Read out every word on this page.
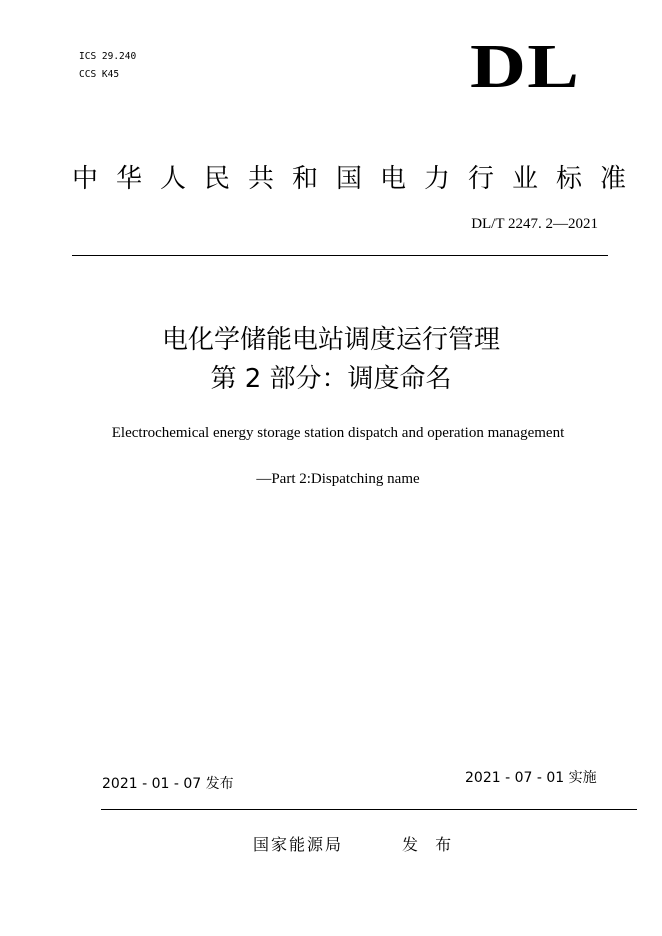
ICS 29.240
CCS K45	DL
中华人民共和国电力行业标准
DL/T 2247. 2—2021
电化学储能电站调度运行管理
第 2 部分：调度命名
Electrochemical energy storage station dispatch and operation management
—Part 2:Dispatching name
2021 - 01 - 07 发布	2021 - 07 - 01 实施
国家能源局	发 布
